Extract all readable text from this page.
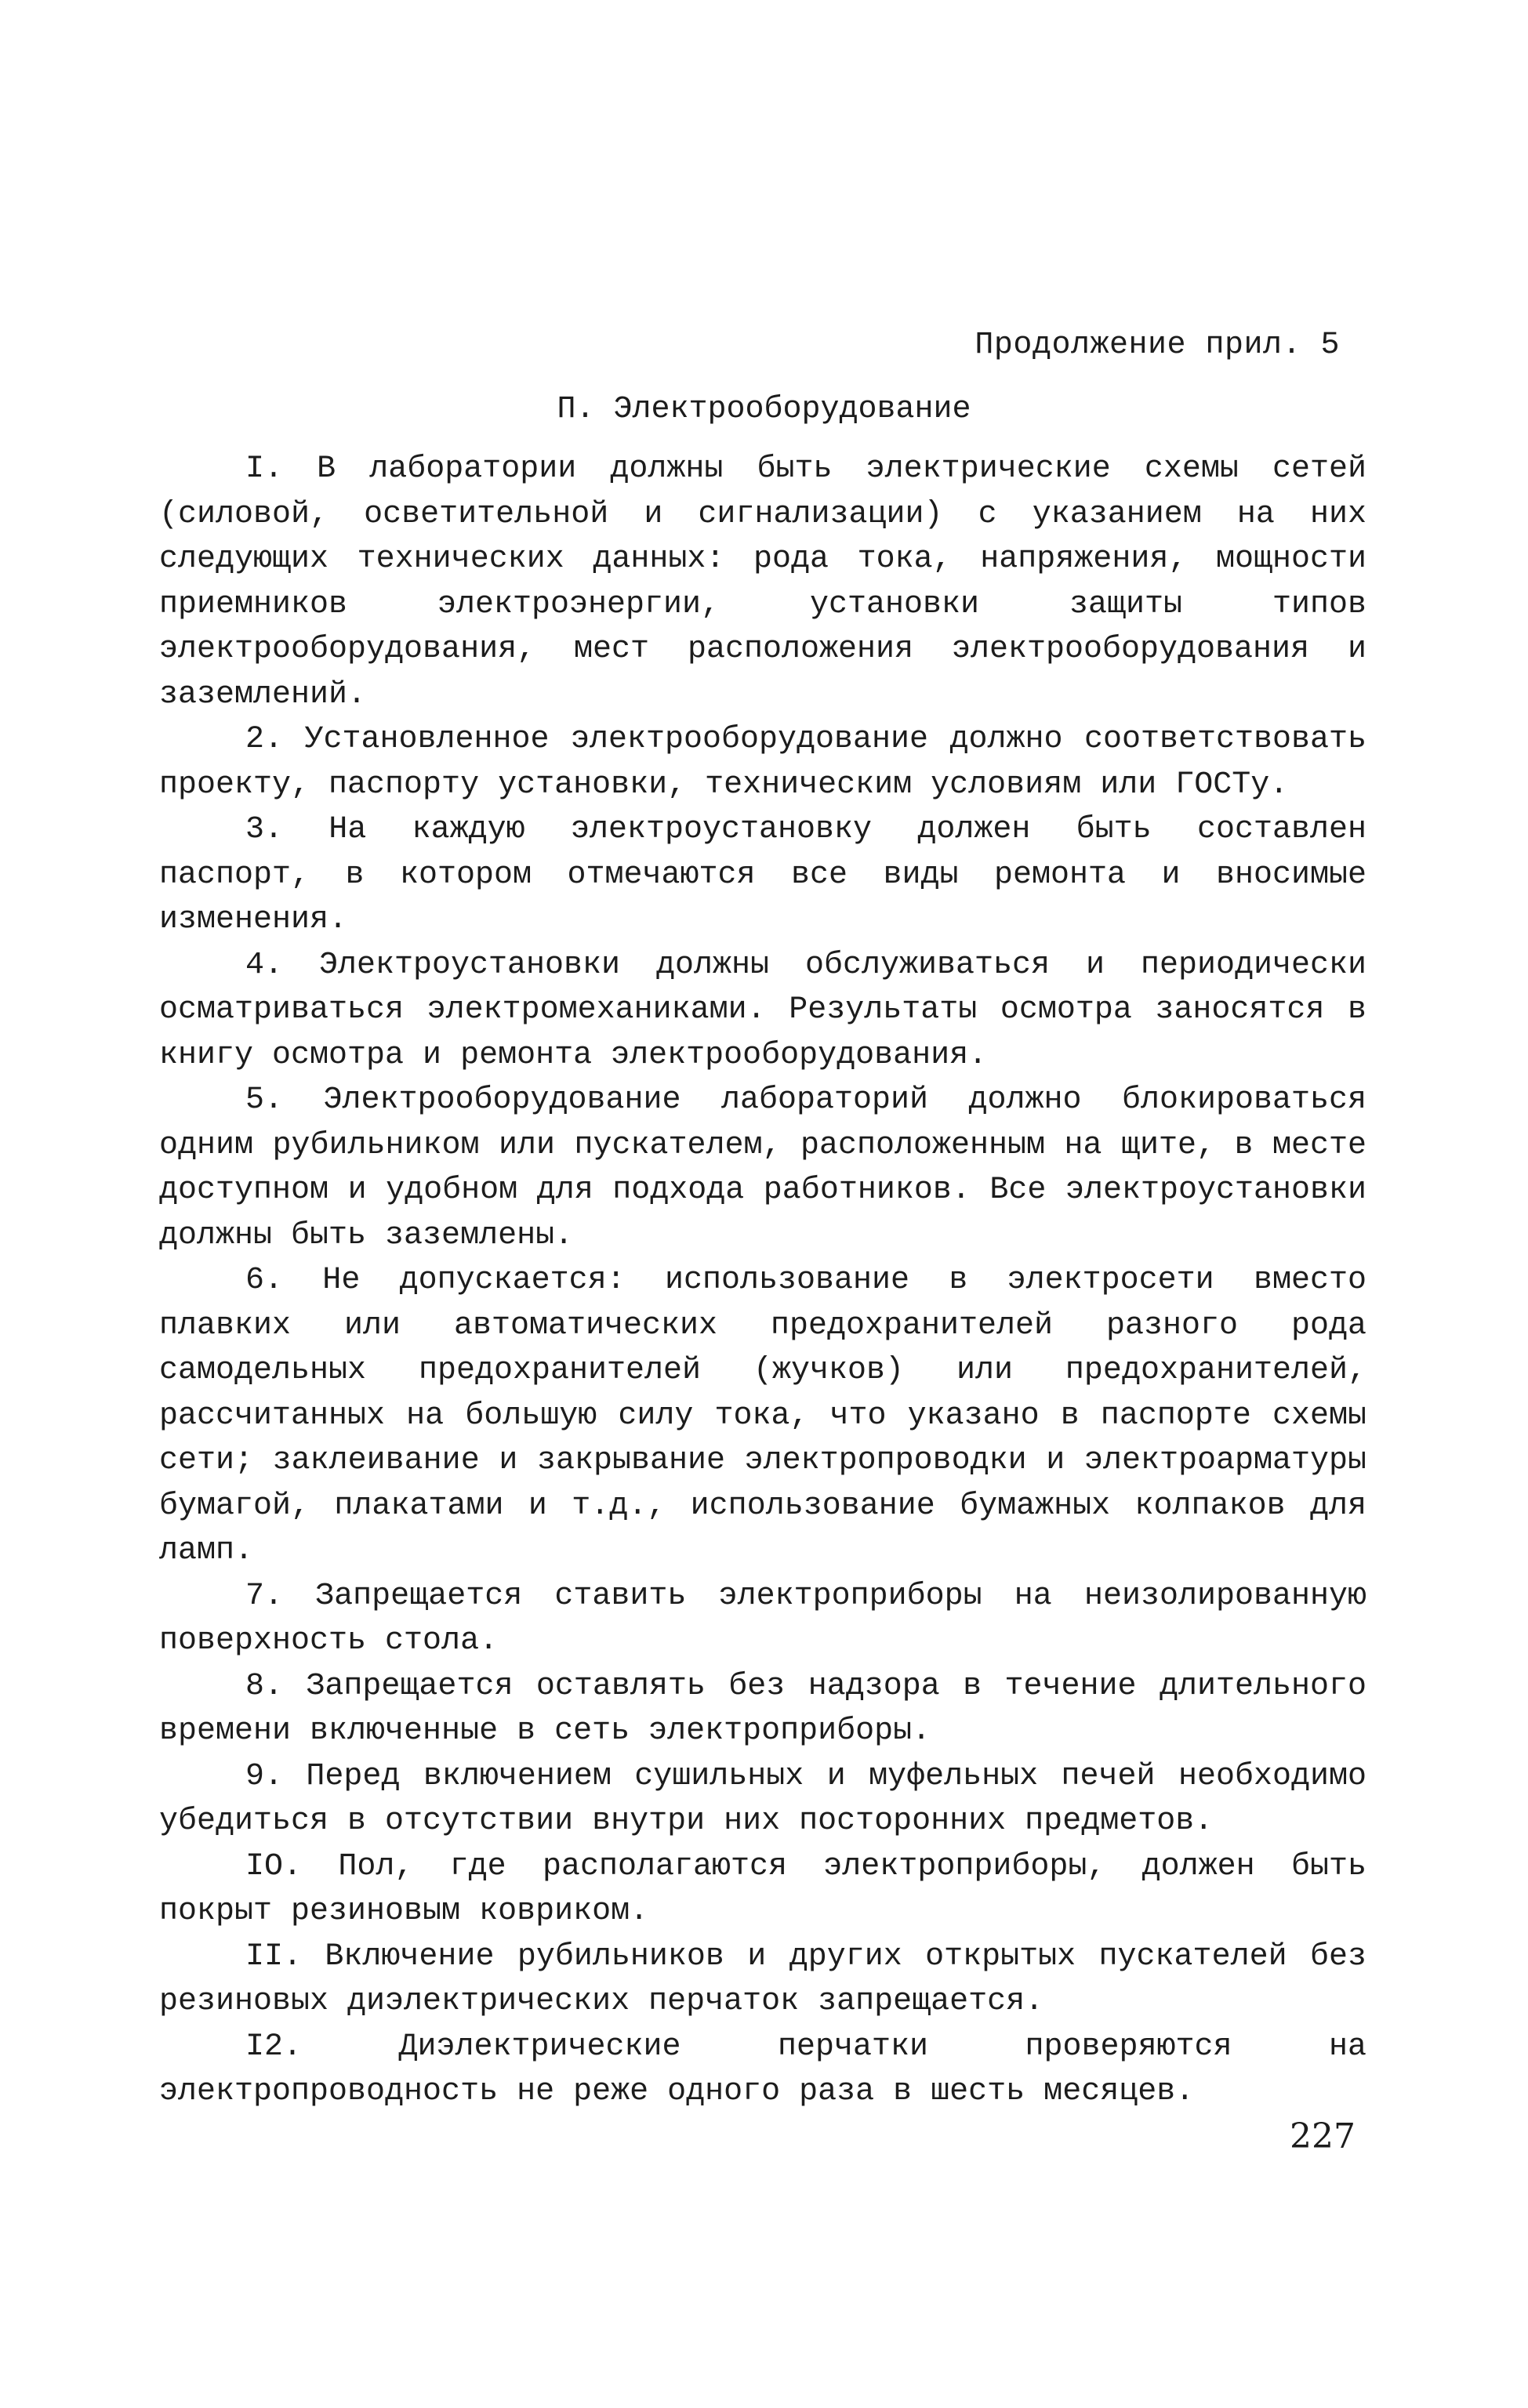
Продолжение прил. 5
П. Электрооборудование

I. В лаборатории должны быть электрические схемы сетей (силовой, осветительной и сигнализации) с указанием на них следующих технических данных: рода тока, напряжения, мощности приемников электроэнергии, установки защиты типов электрооборудования, мест расположения электрооборудования и заземлений.

2. Установленное электрооборудование должно соответствовать проекту, паспорту установки, техническим условиям или ГОСТу.

3. На каждую электроустановку должен быть составлен паспорт, в котором отмечаются все виды ремонта и вносимые изменения.

4. Электроустановки должны обслуживаться и периодически осматриваться электромеханиками. Результаты осмотра заносятся в книгу осмотра и ремонта электрооборудования.

5. Электрооборудование лабораторий должно блокироваться одним рубильником или пускателем, расположенным на щите, в месте доступном и удобном для подхода работников. Все электроустановки должны быть заземлены.

6. Не допускается: использование в электросети вместо плавких или автоматических предохранителей разного рода самодельных предохранителей (жучков) или предохранителей, рассчитанных на большую силу тока, что указано в паспорте схемы сети; заклеивание и закрывание электропроводки и электроарматуры бумагой, плакатами и т.д., использование бумажных колпаков для ламп.

7. Запрещается ставить электроприборы на неизолированную поверхность стола.

8. Запрещается оставлять без надзора в течение длительного времени включенные в сеть электроприборы.

9. Перед включением сушильных и муфельных печей необходимо убедиться в отсутствии внутри них посторонних предметов.

IO. Пол, где располагаются электроприборы, должен быть покрыт резиновым ковриком.

II. Включение рубильников и других открытых пускателей без резиновых диэлектрических перчаток запрещается.

I2. Диэлектрические перчатки проверяются на электропроводность не реже одного раза в шесть месяцев.

227
